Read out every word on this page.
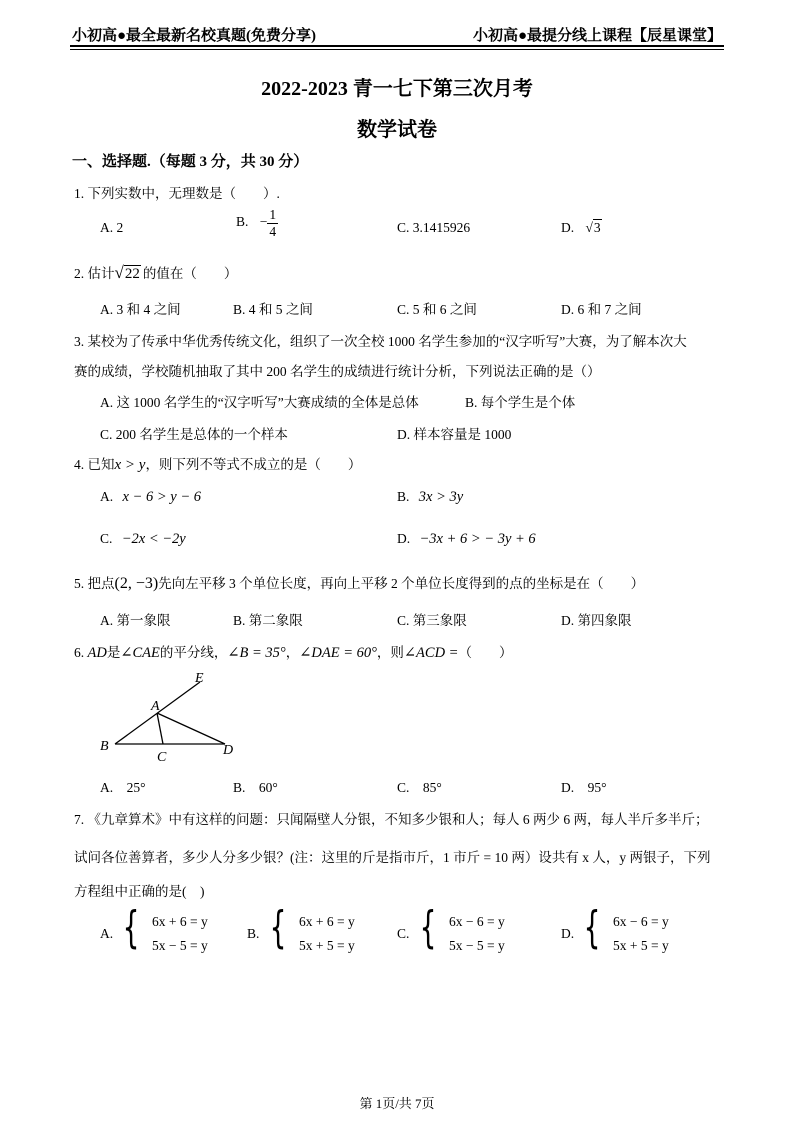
小初高●最全最新名校真题(免费分享)	小初高●最提分线上课程【辰星课堂】
2022-2023 青一七下第三次月考
数学试卷
一、选择题.（每题 3 分，共 30 分）
1. 下列实数中，无理数是（　　）.
A. 2	B. − $\frac{1}{4}$	C. 3.1415926	D. √3
2. 估计√22 的值在（　　）
A. 3 和 4 之间	B. 4 和 5 之间	C. 5 和 6 之间	D. 6 和 7 之间
3. 某校为了传承中华优秀传统文化，组织了一次全校 1000 名学生参加的“汉字听写”大赛，为了解本次大
赛的成绩，学校随机抽取了其中 200 名学生的成绩进行统计分析，下列说法正确的是（）
A. 这 1000 名学生的“汉字听写”大赛成绩的全体是总体	B. 每个学生是个体
C. 200 名学生是总体的一个样本	D. 样本容量是 1000
4. 已知x > y，则下列不等式不成立的是（　　）
A. x − 6 > y − 6	B. 3x > 3y
C. −2x < −2y	D. −3x + 6 > − 3y + 6
5. 把点(2, −3)先向左平移 3 个单位长度，再向上平移 2 个单位长度得到的点的坐标是在（　　）
A. 第一象限	B. 第二象限	C. 第三象限	D. 第四象限
6. AD是∠CAE的平分线，∠B = 35°，∠DAE = 60°，则∠ACD =（　　）
E
A
B
C	D
A.　25°	B.　60°	C.　85°	D.　95°
7. 《九章算术》中有这样的问题：只闻隔壁人分银，不知多少银和人；每人 6 两少 6 两，每人半斤多半斤；
试问各位善算者，多少人分多少银？(注：这里的斤是指市斤，1 市斤 = 10 两）设共有 x 人，y 两银子，下列
方程组中正确的是(　)
A. { 6x + 6 = y
5x − 5 = y
B. { 6x + 6 = y
5x + 5 = y
C. { 6x − 6 = y
5x − 5 = y
D. { 6x − 6 = y
5x + 5 = y
第 1页/共 7页
